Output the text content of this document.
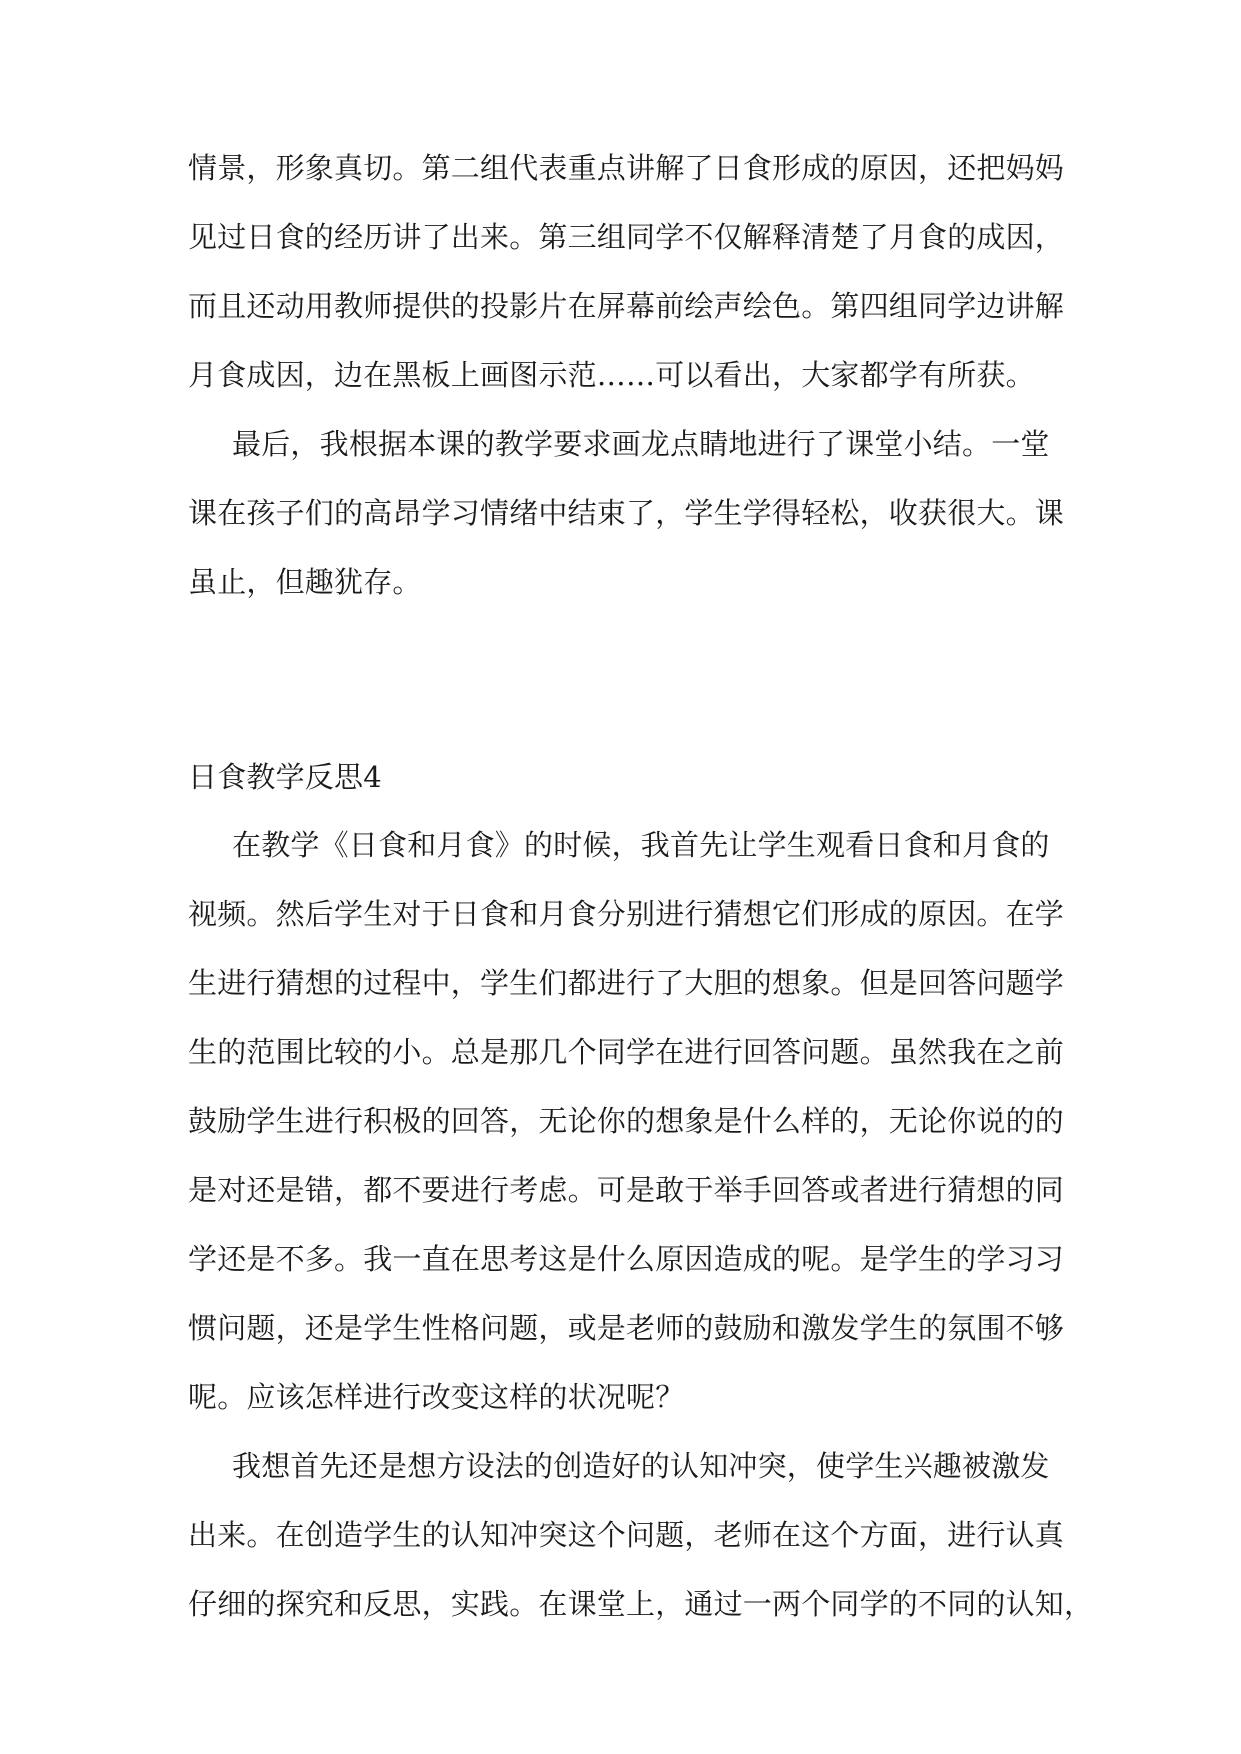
情景，形象真切。第二组代表重点讲解了日食形成的原因，还把妈妈
见过日食的经历讲了出来。第三组同学不仅解释清楚了月食的成因，
而且还动用教师提供的投影片在屏幕前绘声绘色。第四组同学边讲解
月食成因，边在黑板上画图示范……可以看出，大家都学有所获。
最后，我根据本课的教学要求画龙点睛地进行了课堂小结。一堂
课在孩子们的高昂学习情绪中结束了，学生学得轻松，收获很大。课
虽止，但趣犹存。
日食教学反思4
在教学《日食和月食》的时候，我首先让学生观看日食和月食的
视频。然后学生对于日食和月食分别进行猜想它们形成的原因。在学
生进行猜想的过程中，学生们都进行了大胆的想象。但是回答问题学
生的范围比较的小。总是那几个同学在进行回答问题。虽然我在之前
鼓励学生进行积极的回答，无论你的想象是什么样的，无论你说的的
是对还是错，都不要进行考虑。可是敢于举手回答或者进行猜想的同
学还是不多。我一直在思考这是什么原因造成的呢。是学生的学习习
惯问题，还是学生性格问题，或是老师的鼓励和激发学生的氛围不够
呢。应该怎样进行改变这样的状况呢？
我想首先还是想方设法的创造好的认知冲突，使学生兴趣被激发
出来。在创造学生的认知冲突这个问题，老师在这个方面，进行认真
仔细的探究和反思，实践。在课堂上，通过一两个同学的不同的认知，
